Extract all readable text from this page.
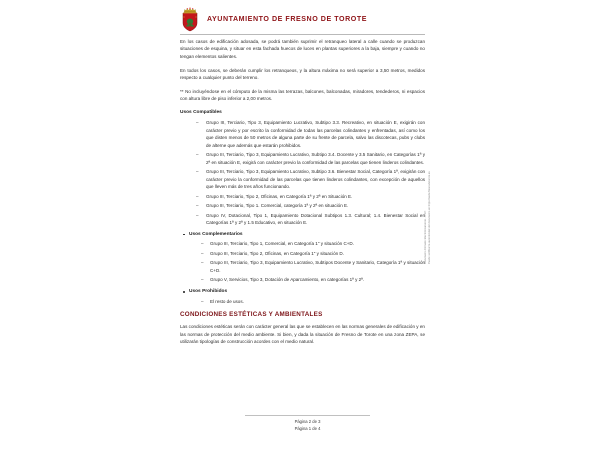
AYUNTAMIENTO DE FRESNO DE TOROTE

En los casos de edificación adosada, se podrá también suprimir el retranqueo lateral a calle cuando se produzcan situaciones de esquina, y situar en esta fachada huecos de luces en plantas superiores a la baja, siempre y cuando no tengan elementos salientes.

En todos los casos, se deberán cumplir los retranqueos, y la altura máxima no será superior a 3,50 metros, medidos respecto a cualquier punto del terreno.

** No incluyéndose en el cómputo de la misma las terrazas, balcones, balconadas, miradores, tendederos, ni espacios con altura libre de piso inferior a 2,00 metros.

Usos Compatibles
– Grupo III, Terciario, Tipo 3, Equipamiento Lucrativo, Subtipo 3.3. Recreativo, en situación E, exigirán con carácter previo y por escrito la conformidad de todas las parcelas colindantes y enfrentadas, así como los que disten menos de 50 metros de alguna parte de su frente de parcela, salvo las discotecas, pubs y clubs de alterne que además que estarán prohibidos.
– Grupo III, Terciario, Tipo 3, Equipamiento Lucrativo, Subtipo 3.4. Docente y 3.5 Sanitario, en Categorías 1ª y 2ª en situación E, exigirá con carácter previo la conformidad de las parcelas que tienen linderos colindantes.
– Grupo III, Terciario, Tipo 3, Equipamiento Lucrativo, Subtipo 3.6. Bienestar Social, Categoría 1ª, exigirán con carácter previo la conformidad de las parcelas que tienen linderos colindantes, con excepción de aquellos que lleven más de tres años funcionando.
– Grupo III, Terciario, Tipo 2, Oficinas, en Categoría 1ª y 2ª en Situación E.
– Grupo III, Terciario, Tipo 1. Comercial, categoría 1ª y 2ª en situación E.
– Grupo IV, Dotacional, Tipo 1, Equipamiento Dotacional Subtipos 1.3. Cultural; 1.4. Bienestar Social en Categorías 1ª y 2ª y 1.5 Educativo, en situación E.
Usos Complementarios
– Grupo III, Terciario, Tipo 1, Comercial, en Categoría 1" y situación C+D.
– Grupo III, Terciario, Tipo 2, Oficinas, en Categoría 1" y situación D.
– Grupo III, Terciario, Tipo 3, Equipamiento Lucrativo, Subtipos Docente y Sanitario, Categoría 1ª y situación C+D.
– Grupo V, Servicios, Tipo 3, Dotación de Aparcamiento, en categorías 1ª y 2ª.
Usos Prohibidos
– El resto de usos.
CONDICIONES ESTÉTICAS Y AMBIENTALES

Las condiciones estéticas serán con carácter general las que se establecen en las normas generales de edificación y en las normas de protección del medio ambiente. Si bien, y dada la situación de Fresno de Torote en una zona ZEPA, se utilizarán tipologías de construcción acordes con el medio natural.

Documento Firmado Electrónicamente - CSV: Puede verificar la autenticidad del documento en https://sede.fresnodetorote.es
Página 2 de 3
Página 1 de 4
